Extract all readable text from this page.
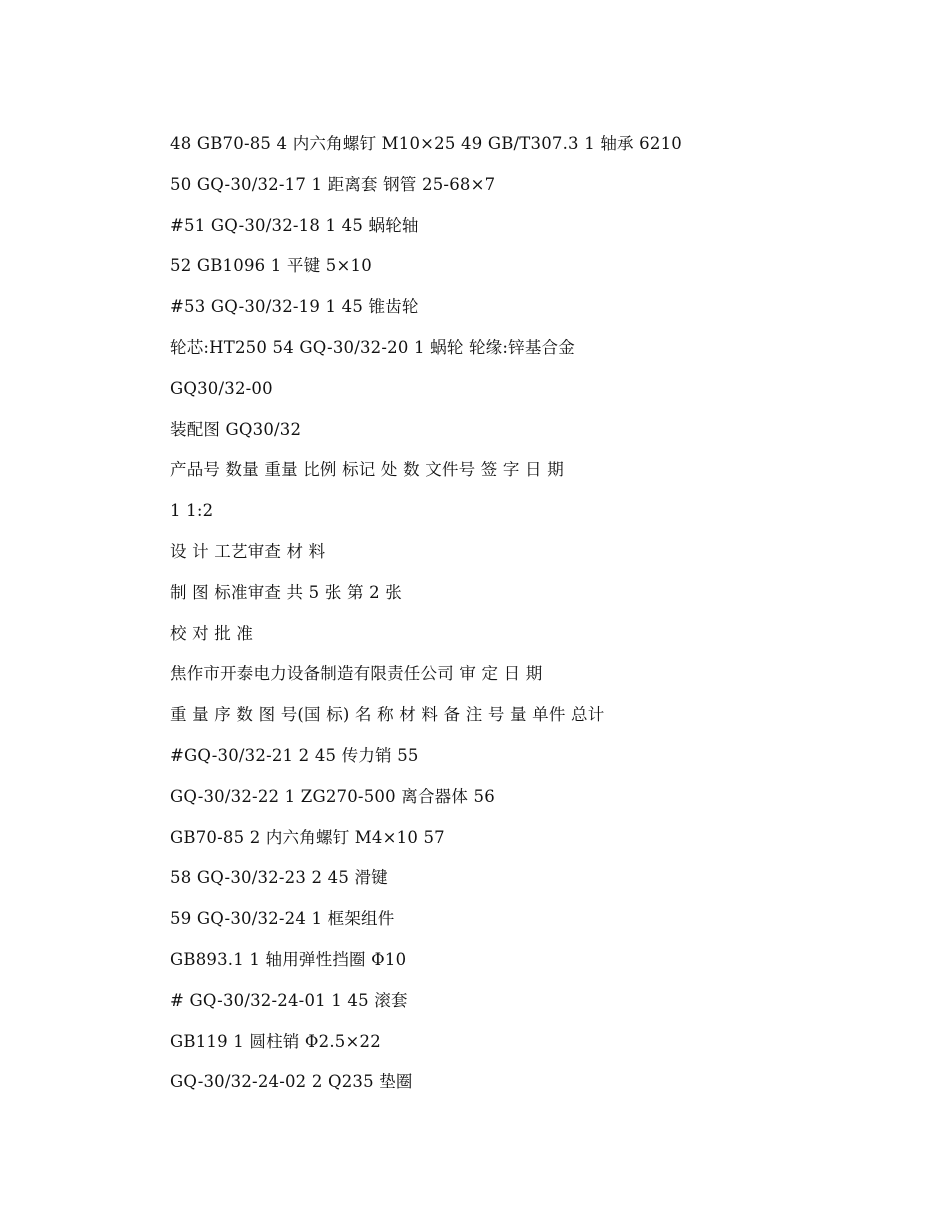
48 GB70-85 4 内六角螺钉 M10×25 49 GB/T307.3 1 轴承 6210
50 GQ-30/32-17 1 距离套 钢管 25-68×7
#51 GQ-30/32-18 1 45 蜗轮轴
52 GB1096 1 平键 5×10
#53 GQ-30/32-19 1 45 锥齿轮
轮芯:HT250 54 GQ-30/32-20 1 蜗轮 轮缘:锌基合金
GQ30/32-00
装配图 GQ30/32
产品号 数量 重量 比例 标记 处 数 文件号 签 字 日 期
1 1:2
设 计 工艺审查 材 料
制 图 标准审查 共 5 张 第 2 张
校 对 批 准
焦作市开泰电力设备制造有限责任公司 审 定 日 期
重 量 序 数 图 号(国 标) 名 称 材 料 备 注 号 量 单件 总计
#GQ-30/32-21 2 45 传力销 55
GQ-30/32-22 1 ZG270-500 离合器体 56
GB70-85 2 内六角螺钉 M4×10 57
58 GQ-30/32-23 2 45 滑键
59 GQ-30/32-24 1 框架组件
GB893.1 1 轴用弹性挡圈 Φ10
# GQ-30/32-24-01 1 45 滚套
GB119 1 圆柱销 Φ2.5×22
GQ-30/32-24-02 2 Q235 垫圈
